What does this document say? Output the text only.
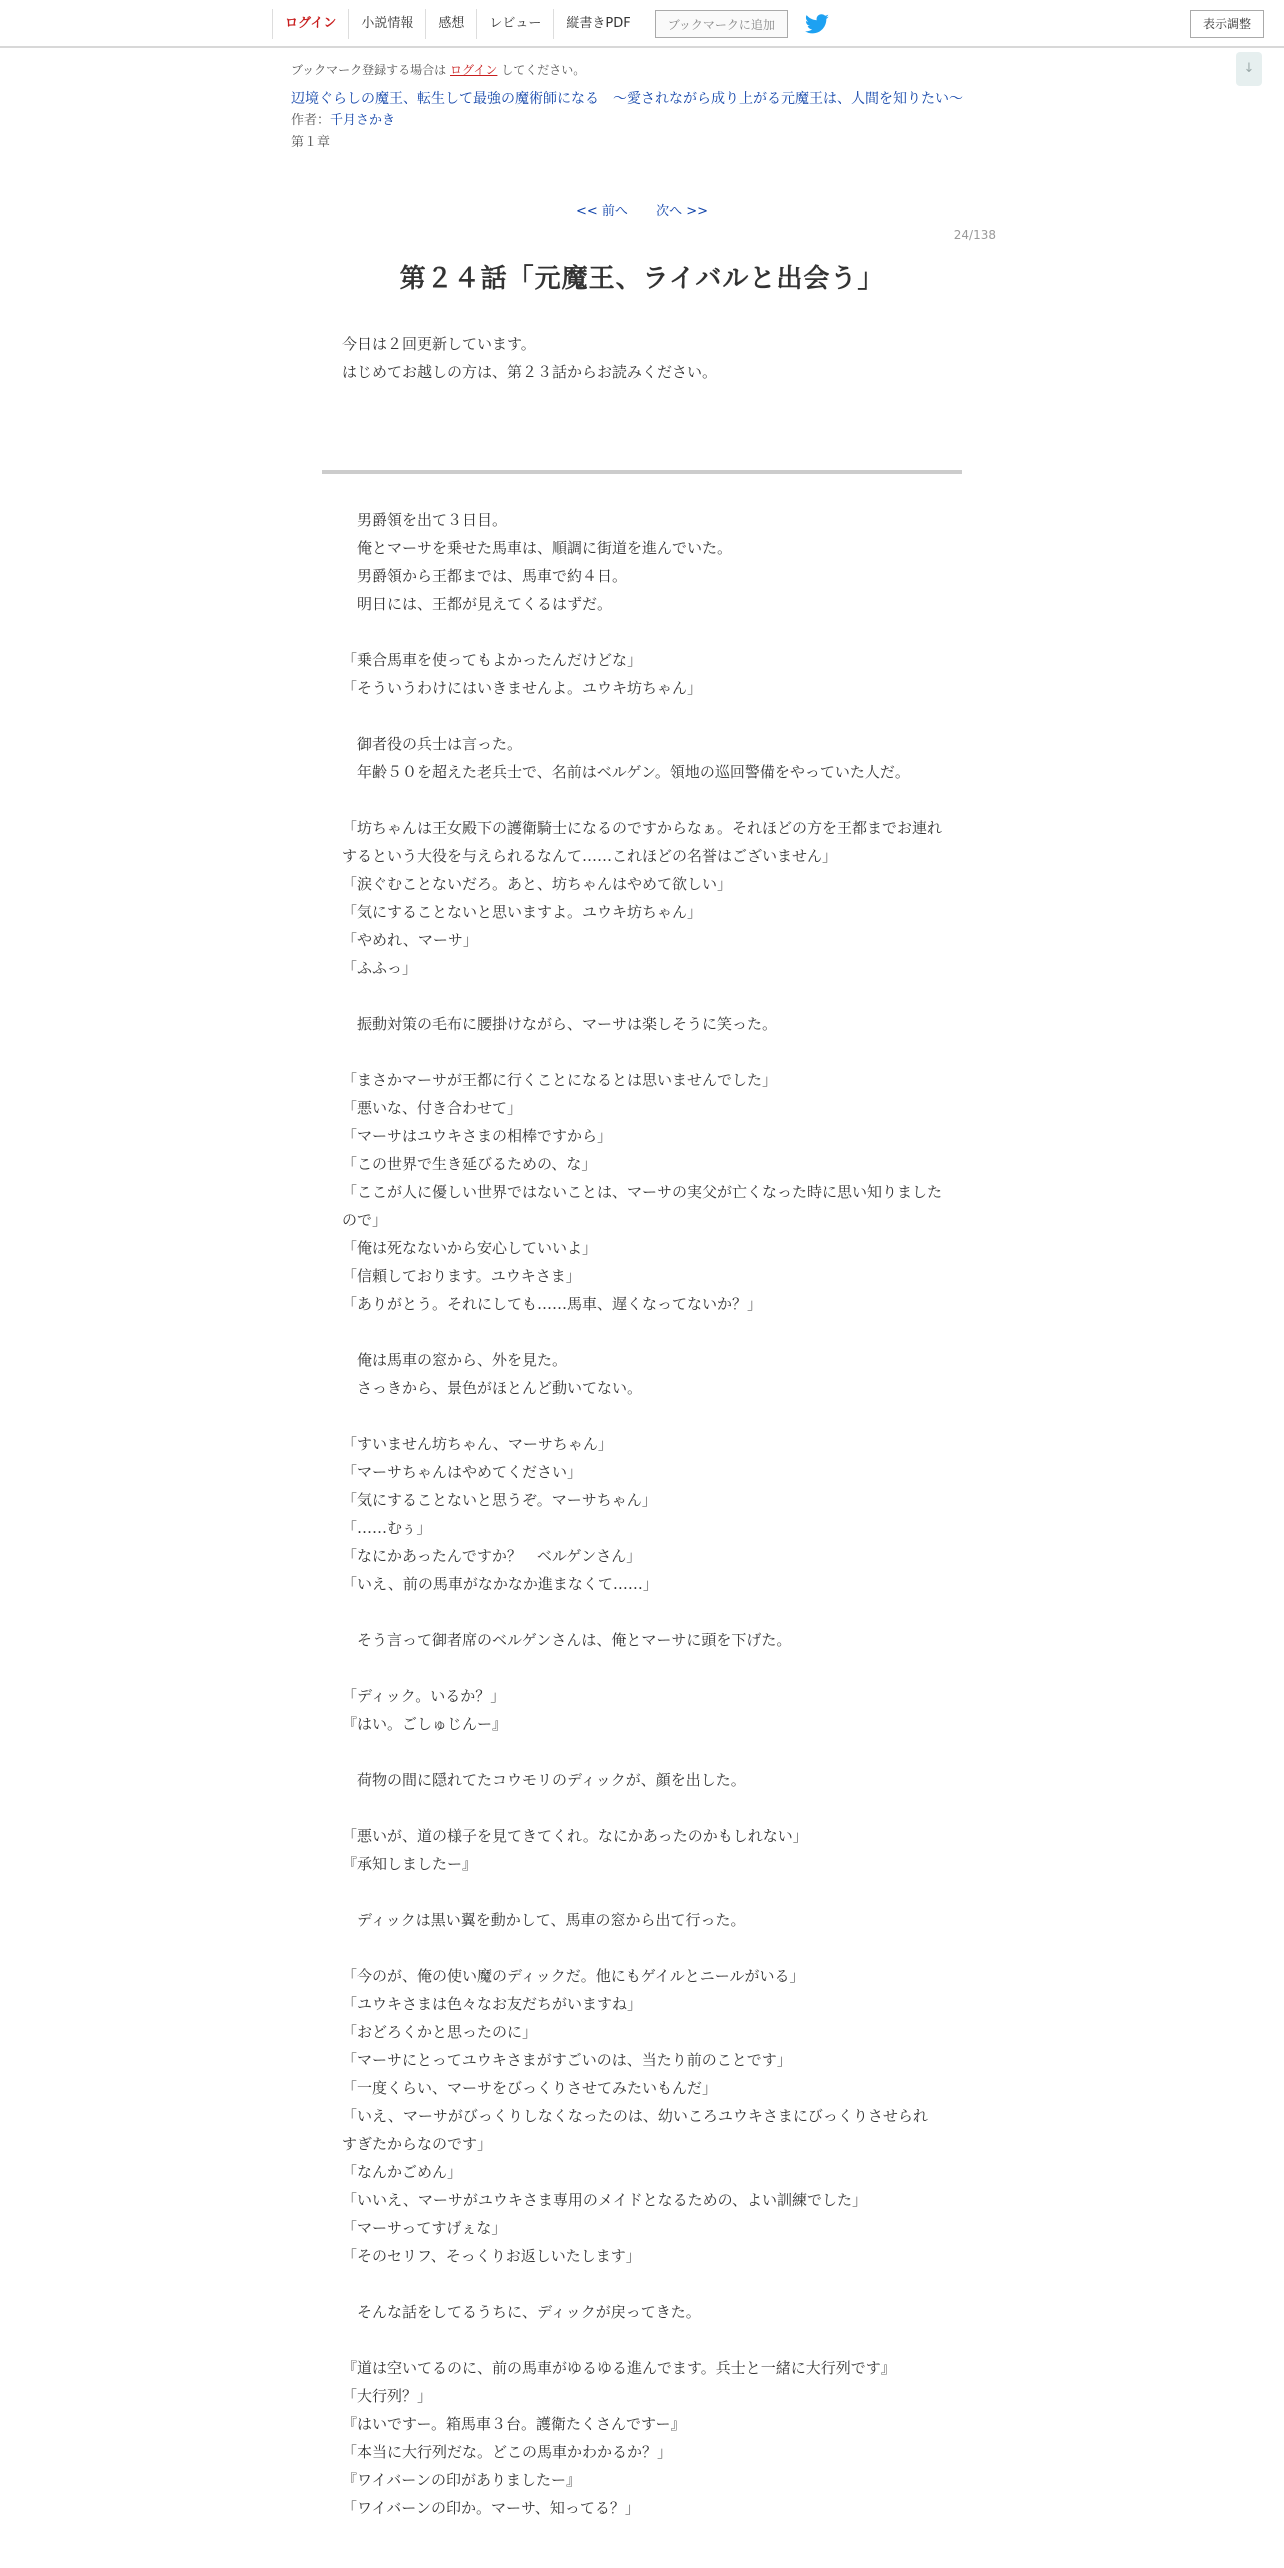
ログイン	小説情報	感想	レビュー	縦書きPDF	ブックマークに追加	表示調整
↓
ブックマーク登録する場合は ログイン してください。
辺境ぐらしの魔王、転生して最強の魔術師になる　〜愛されながら成り上がる元魔王は、人間を知りたい〜
作者：千月さかき
第１章
<< 前へ 次へ >>
24/138
第２４話「元魔王、ライバルと出会う」

今日は２回更新しています。

はじめてお越しの方は、第２３話からお読みください。

　男爵領を出て３日目。

　俺とマーサを乗せた馬車は、順調に街道を進んでいた。

　男爵領から王都までは、馬車で約４日。

　明日には、王都が見えてくるはずだ。

「乗合馬車を使ってもよかったんだけどな」

「そういうわけにはいきませんよ。ユウキ坊ちゃん」

　御者役の兵士は言った。

　年齢５０を超えた老兵士で、名前はベルゲン。領地の巡回警備をやっていた人だ。

「坊ちゃんは王女殿下の護衛騎士になるのですからなぁ。それほどの方を王都までお連れするという大役を与えられるなんて……これほどの名誉はございません」

「涙ぐむことないだろ。あと、坊ちゃんはやめて欲しい」

「気にすることないと思いますよ。ユウキ坊ちゃん」

「やめれ、マーサ」

「ふふっ」

　振動対策の毛布に腰掛けながら、マーサは楽しそうに笑った。

「まさかマーサが王都に行くことになるとは思いませんでした」

「悪いな、付き合わせて」

「マーサはユウキさまの相棒ですから」

「この世界で生き延びるための、な」

「ここが人に優しい世界ではないことは、マーサの実父が亡くなった時に思い知りましたので」

「俺は死なないから安心していいよ」

「信頼しております。ユウキさま」

「ありがとう。それにしても……馬車、遅くなってないか？」

　俺は馬車の窓から、外を見た。

　さっきから、景色がほとんど動いてない。

「すいません坊ちゃん、マーサちゃん」

「マーサちゃんはやめてください」

「気にすることないと思うぞ。マーサちゃん」

「……むぅ」

「なにかあったんですか？　ベルゲンさん」

「いえ、前の馬車がなかなか進まなくて……」

　そう言って御者席のベルゲンさんは、俺とマーサに頭を下げた。

「ディック。いるか？」

『はい。ごしゅじんー』

　荷物の間に隠れてたコウモリのディックが、顔を出した。

「悪いが、道の様子を見てきてくれ。なにかあったのかもしれない」

『承知しましたー』

　ディックは黒い翼を動かして、馬車の窓から出て行った。

「今のが、俺の使い魔のディックだ。他にもゲイルとニールがいる」

「ユウキさまは色々なお友だちがいますね」

「おどろくかと思ったのに」

「マーサにとってユウキさまがすごいのは、当たり前のことです」

「一度くらい、マーサをびっくりさせてみたいもんだ」

「いえ、マーサがびっくりしなくなったのは、幼いころユウキさまにびっくりさせられすぎたからなのです」

「なんかごめん」

「いいえ、マーサがユウキさま専用のメイドとなるための、よい訓練でした」

「マーサってすげぇな」

「そのセリフ、そっくりお返しいたします」

　そんな話をしてるうちに、ディックが戻ってきた。

『道は空いてるのに、前の馬車がゆるゆる進んでます。兵士と一緒に大行列です』

「大行列？」

『はいですー。箱馬車３台。護衛たくさんですー』

「本当に大行列だな。どこの馬車かわかるか？」

『ワイバーンの印がありましたー』

「ワイバーンの印か。マーサ、知ってる？」
